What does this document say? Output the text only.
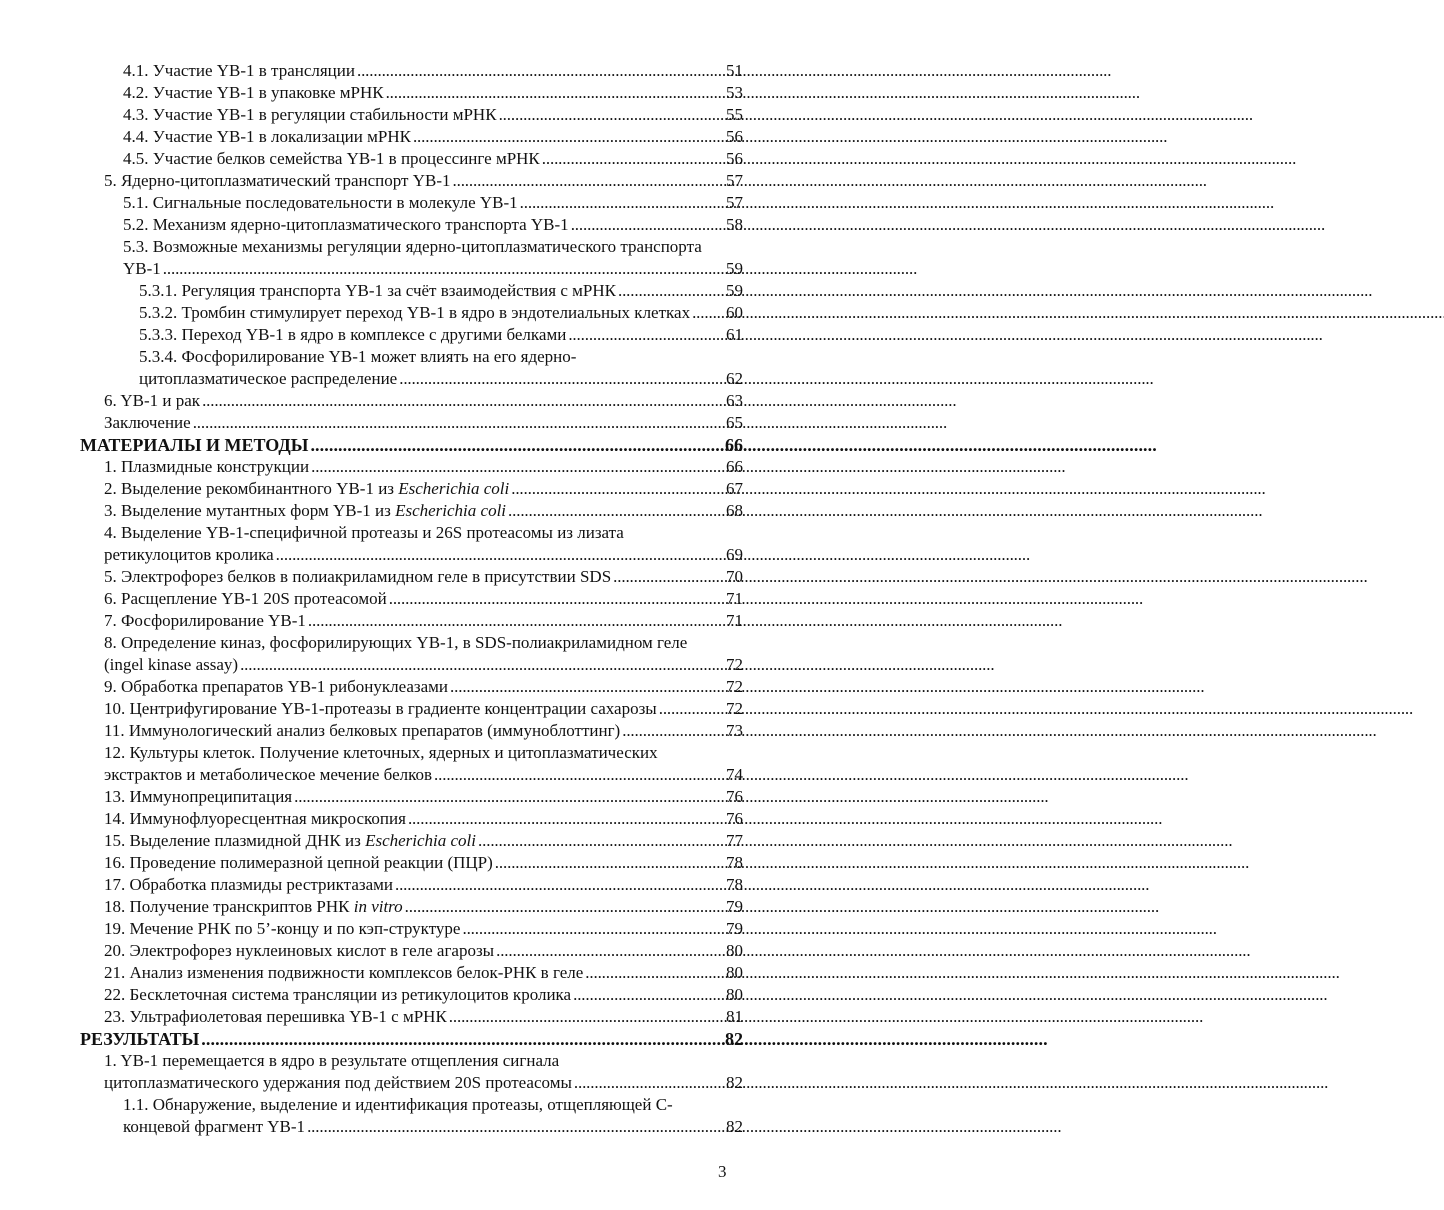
4.1. Участие YB-1 в трансляции . . .	51
4.2. Участие YB-1 в упаковке мРНК . . .	53
4.3. Участие YB-1 в регуляции стабильности мРНК . . .	55
4.4. Участие YB-1 в локализации мРНК . . .	56
4.5. Участие белков семейства YB-1 в процессинге мРНК . . .	56
5. Ядерно-цитоплазматический транспорт YB-1 . . .	57
5.1. Сигнальные последовательности в молекуле YB-1 . . .	57
5.2. Механизм ядерно-цитоплазматического транспорта YB-1 . . .	58
5.3. Возможные механизмы регуляции ядерно-цитоплазматического транспорта
YB-1 . . .	59
5.3.1. Регуляция транспорта YB-1 за счёт взаимодействия с мРНК . . .	59
5.3.2. Тромбин стимулирует переход YB-1 в ядро в эндотелиальных клетках . . . 60
5.3.3. Переход YB-1 в ядро в комплексе с другими белками . . .	61
5.3.4. Фосфорилирование YB-1 может влиять на его ядерно-
цитоплазматическое распределение . . .	62
6. YB-1 и рак . . .	63
Заключение . . .	65
МАТЕРИАЛЫ И МЕТОДЫ . . .	66
1. Плазмидные конструкции . . .	66
2. Выделение рекомбинантного YB-1 из Escherichia coli . . .	67
3. Выделение мутантных форм YB-1 из Escherichia coli . . .	68
4. Выделение YB-1-специфичной протеазы и 26S протеасомы из лизата
ретикулоцитов кролика . . .	69
5. Электрофорез белков в полиакриламидном геле в присутствии SDS . . .	70
6. Расщепление YB-1 20S протеасомой . . .	71
7. Фосфорилирование YB-1 . . .	71
8. Определение киназ, фосфорилирующих YB-1, в SDS-полиакриламидном геле
(ingel kinase assay) . . .	72
9. Обработка препаратов YB-1 рибонуклеазами . . .	72
10. Центрифугирование YB-1-протеазы в градиенте концентрации сахарозы . . .	72
11. Иммунологический анализ белковых препаратов (иммуноблоттинг) . . .	73
12. Культуры клеток. Получение клеточных, ядерных и цитоплазматических
экстрактов и метаболическое мечение белков . . .	74
13. Иммунопреципитация . . .	76
14. Иммунофлуоресцентная микроскопия . . .	76
15. Выделение плазмидной ДНК из Escherichia coli . . .	77
16. Проведение полимеразной цепной реакции (ПЦР) . . .	78
17. Обработка плазмиды рестриктазами . . .	78
18. Получение транскриптов РНК in vitro . . .	79
19. Мечение РНК по 5’-концу и по кэп-структуре . . .	79
20. Электрофорез нуклеиновых кислот в геле агарозы . . .	80
21. Анализ изменения подвижности комплексов белок-РНК в геле . . .	80
22. Бесклеточная система трансляции из ретикулоцитов кролика . . .	80
23. Ультрафиолетовая перешивка YB-1 с мРНК . . .	81
РЕЗУЛЬТАТЫ . . .	82
1. YB-1 перемещается в ядро в результате отщепления сигнала
цитоплазматического удержания под действием 20S протеасомы . . .	82
1.1. Обнаружение, выделение и идентификация протеазы, отщепляющей С-
концевой фрагмент YB-1 . . .	82
3
